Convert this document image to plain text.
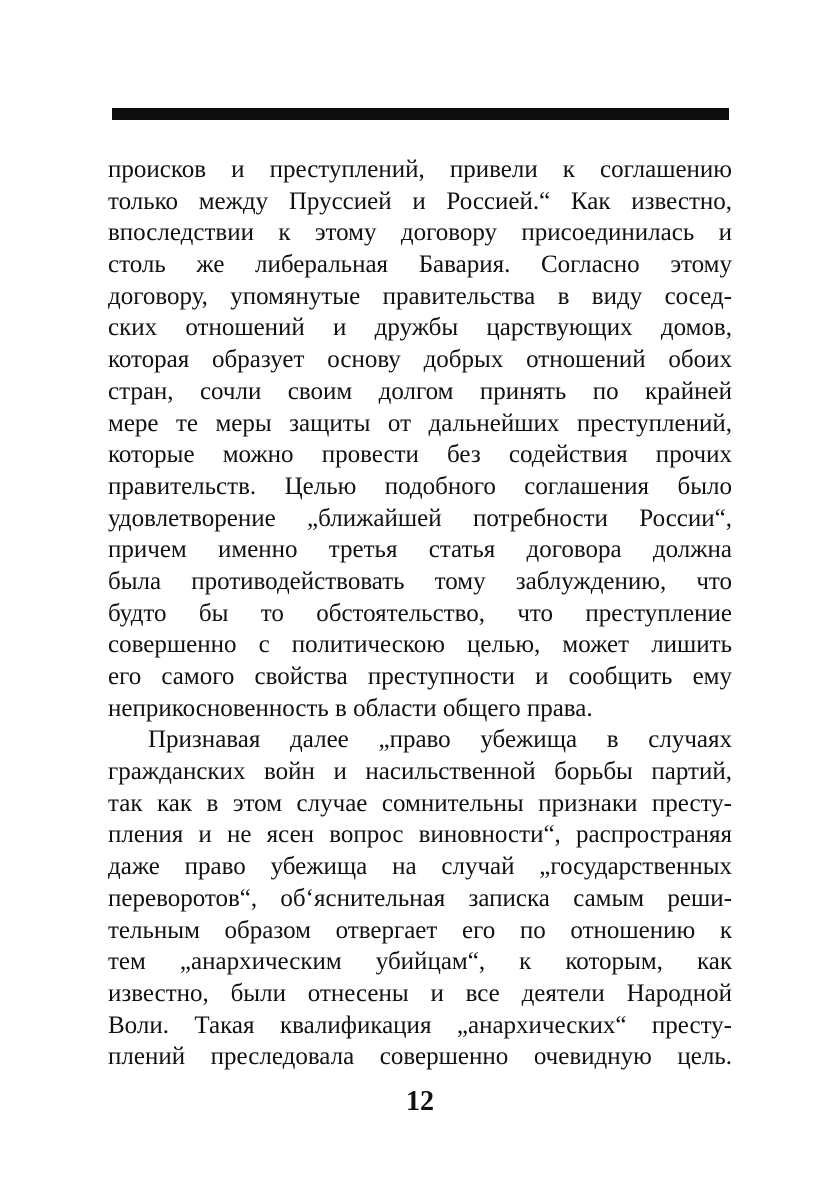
происков и преступлений, привели к соглашению
только между Пруссией и Россией.“ Как известно,
впоследствии к этому договору присоединилась и
столь же либеральная Бавария. Согласно этому
договору, упомянутые правительства в виду сосед-
ских отношений и дружбы царствующих домов,
которая образует основу добрых отношений обоих
стран, сочли своим долгом принять по крайней
мере те меры защиты от дальнейших преступлений,
которые можно провести без содействия прочих
правительств. Целью подобного соглашения было
удовлетворение „ближайшей потребности России“,
причем именно третья статья договора должна
была противодействовать тому заблуждению, что
будто бы то обстоятельство, что преступление
совершенно с политическою целью, может лишить
его самого свойства преступности и сообщить ему
неприкосновенность в области общего права.
Признавая далее „право убежища в случаях
гражданских войн и насильственной борьбы партий,
так как в этом случае сомнительны признаки престу-
пления и не ясен вопрос виновности“, распространяя
даже право убежища на случай „государственных
переворотов“, об‘яснительная записка самым реши-
тельным образом отвергает его по отношению к
тем „анархическим убийцам“, к которым, как
известно, были отнесены и все деятели Народной
Воли. Такая квалификация „анархических“ престу-
плений преследовала совершенно очевидную цель.
12
